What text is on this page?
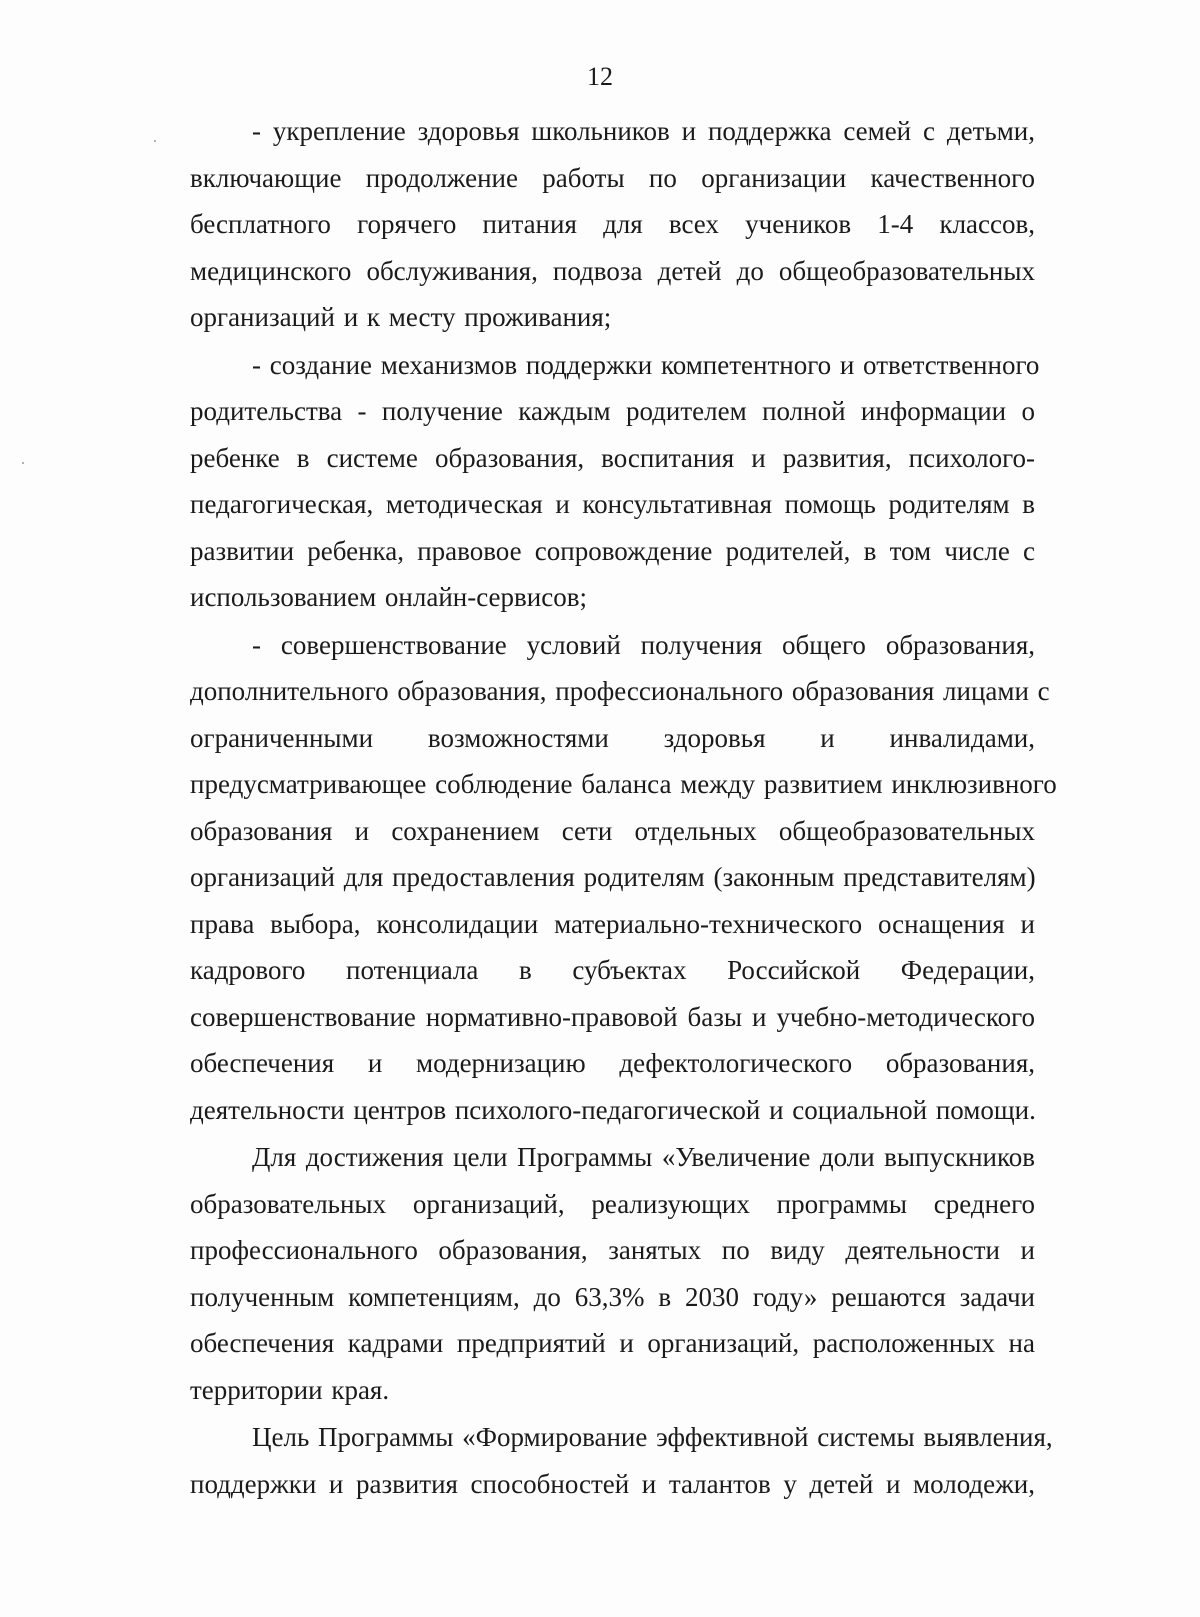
12
- укрепление здоровья школьников и поддержка семей с детьми,
включающие продолжение работы по организации качественного
бесплатного горячего питания для всех учеников 1-4 классов,
медицинского обслуживания, подвоза детей до общеобразовательных
организаций и к месту проживания;
- создание механизмов поддержки компетентного и ответственного
родительства - получение каждым родителем полной информации о
ребенке в системе образования, воспитания и развития, психолого-
педагогическая, методическая и консультативная помощь родителям в
развитии ребенка, правовое сопровождение родителей, в том числе с
использованием онлайн-сервисов;
- совершенствование условий получения общего образования,
дополнительного образования, профессионального образования лицами с
ограниченными возможностями здоровья и инвалидами,
предусматривающее соблюдение баланса между развитием инклюзивного
образования и сохранением сети отдельных общеобразовательных
организаций для предоставления родителям (законным представителям)
права выбора, консолидации материально-технического оснащения и
кадрового потенциала в субъектах Российской Федерации,
совершенствование нормативно-правовой базы и учебно-методического
обеспечения и модернизацию дефектологического образования,
деятельности центров психолого-педагогической и социальной помощи.
Для достижения цели Программы «Увеличение доли выпускников
образовательных организаций, реализующих программы среднего
профессионального образования, занятых по виду деятельности и
полученным компетенциям, до 63,3% в 2030 году» решаются задачи
обеспечения кадрами предприятий и организаций, расположенных на
территории края.
Цель Программы «Формирование эффективной системы выявления,
поддержки и развития способностей и талантов у детей и молодежи,
